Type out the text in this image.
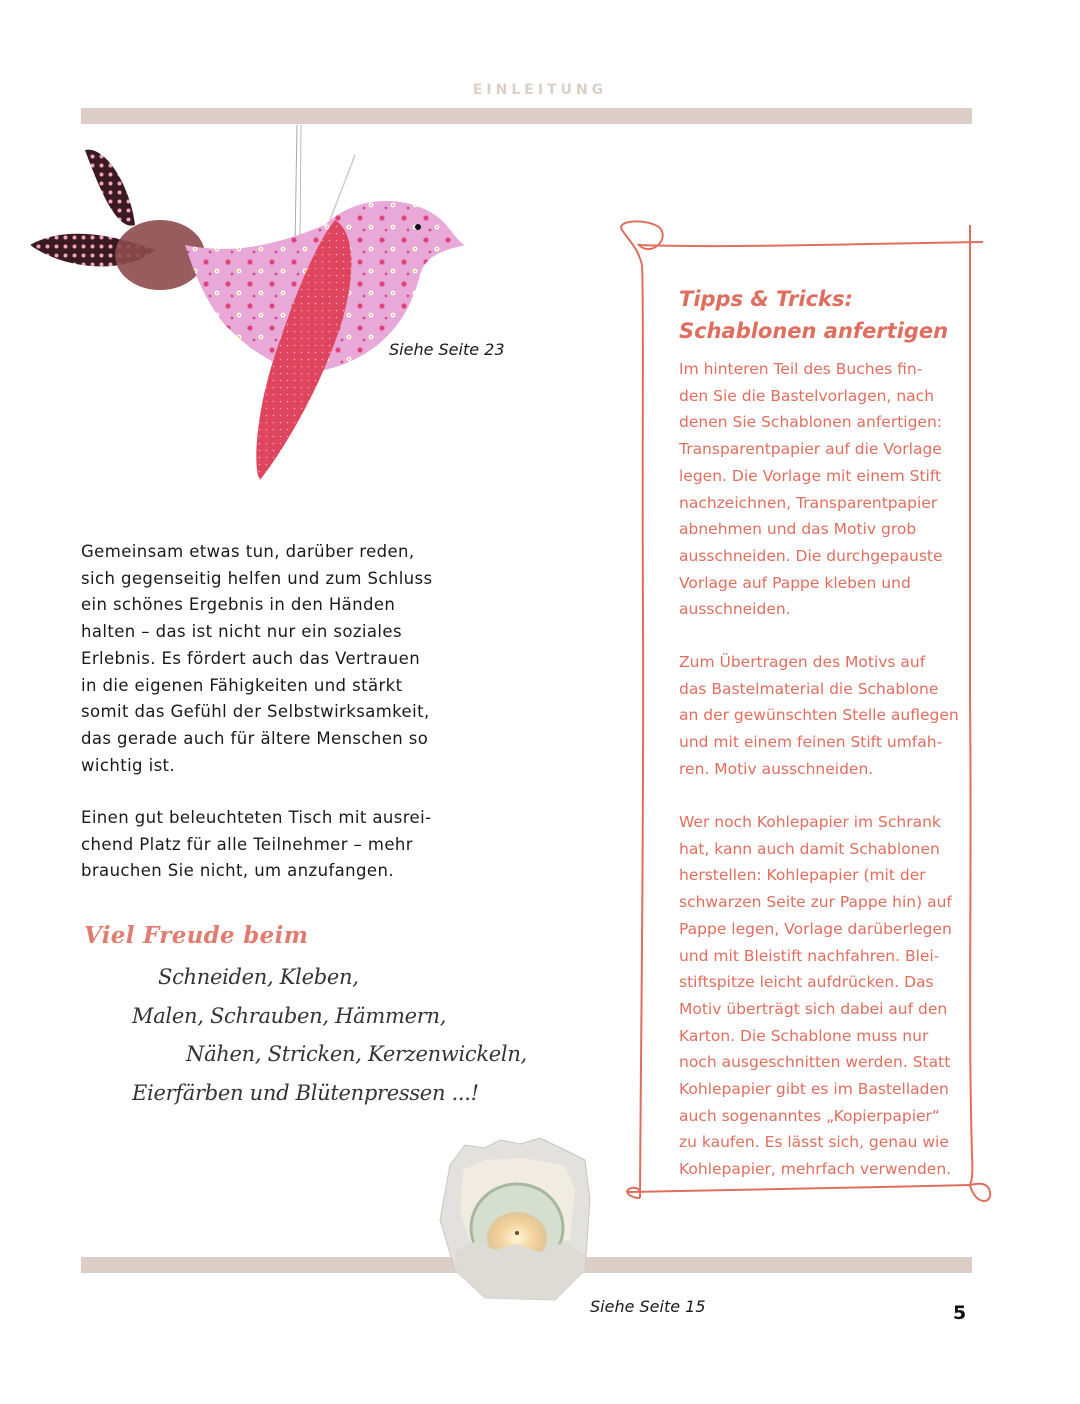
EINLEITUNG
Siehe Seite 23

Gemeinsam etwas tun, darüber reden,

sich gegenseitig helfen und zum Schluss

ein schönes Ergebnis in den Händen

halten – das ist nicht nur ein soziales

Erlebnis. Es fördert auch das Vertrauen

in die eigenen Fähigkeiten und stärkt

somit das Gefühl der Selbstwirksamkeit,

das gerade auch für ältere Menschen so

wichtig ist.

Einen gut beleuchteten Tisch mit ausrei-

chend Platz für alle Teilnehmer – mehr

brauchen Sie nicht, um anzufangen.

Viel Freude beim
Schneiden, Kleben,
Malen, Schrauben, Hämmern,
Nähen, Stricken, Kerzenwickeln,
Eierfärben und Blütenpressen ...!
Tipps & Tricks:
Schablonen anfertigen

Im hinteren Teil des Buches fin-

den Sie die Bastelvorlagen, nach

denen Sie Schablonen anfertigen:

Transparentpapier auf die Vorlage

legen. Die Vorlage mit einem Stift

nachzeichnen, Transparentpapier

abnehmen und das Motiv grob

ausschneiden. Die durchgepauste

Vorlage auf Pappe kleben und

ausschneiden.

Zum Übertragen des Motivs auf

das Bastelmaterial die Schablone

an der gewünschten Stelle auflegen

und mit einem feinen Stift umfah-

ren. Motiv ausschneiden.

Wer noch Kohlepapier im Schrank

hat, kann auch damit Schablonen

herstellen: Kohlepapier (mit der

schwarzen Seite zur Pappe hin) auf

Pappe legen, Vorlage darüberlegen

und mit Bleistift nachfahren. Blei-

stiftspitze leicht aufdrücken. Das

Motiv überträgt sich dabei auf den

Karton. Die Schablone muss nur

noch ausgeschnitten werden. Statt

Kohlepapier gibt es im Bastelladen

auch sogenanntes „Kopierpapier“

zu kaufen. Es lässt sich, genau wie

Kohlepapier, mehrfach verwenden.

Siehe Seite 15	5
